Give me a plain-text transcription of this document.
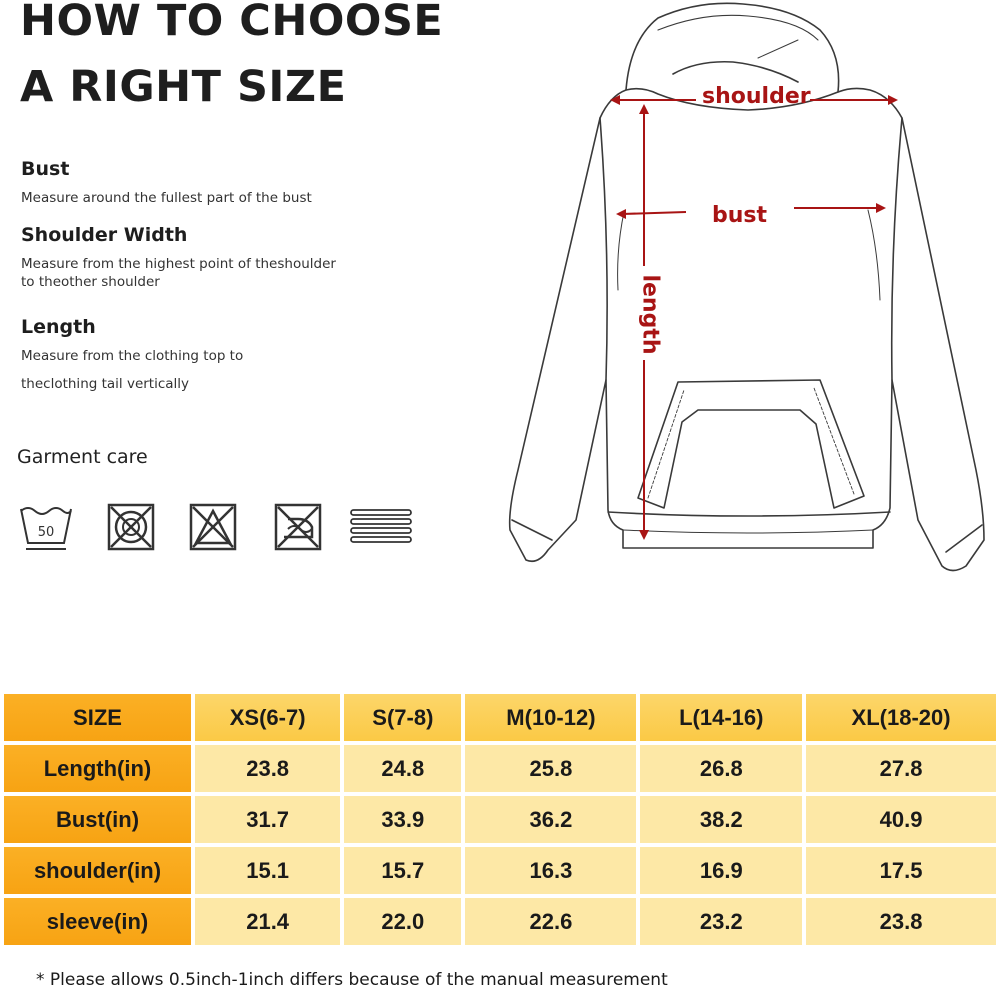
HOW TO CHOOSE

A RIGHT SIZE

Bust

Measure around the fullest part of the bust

Shoulder Width

Measure from the highest point of theshoulder

to theother shoulder

Length

Measure from the clothing top to

theclothing tail vertically

Garment care

50

shoulder

bust

length

SIZE	XS(6-7)	S(7-8)	M(10-12)	L(14-16)	XL(18-20)
Length(in)	23.8	24.8	25.8	26.8	27.8
Bust(in)	31.7	33.9	36.2	38.2	40.9
shoulder(in)	15.1	15.7	16.3	16.9	17.5
sleeve(in)	21.4	22.0	22.6	23.2	23.8

* Please allows 0.5inch-1inch differs because of the manual measurement
